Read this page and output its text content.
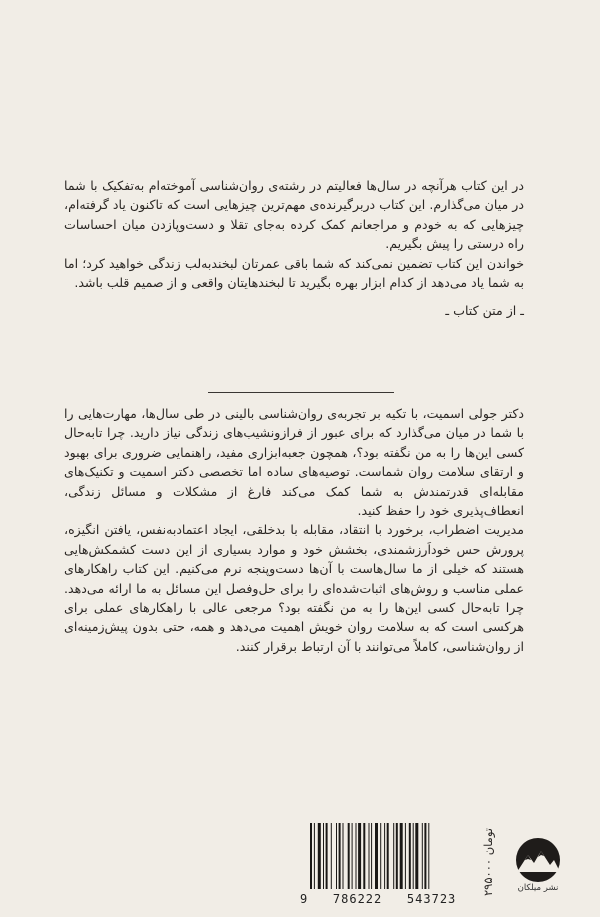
در این کتاب هرآنچه در سال‌ها فعالیتم در رشته‌ی روان‌شناسی آموخته‌ام به‌تفکیک با شما در میان می‌گذارم. این کتاب دربرگیرنده‌ی مهم‌ترین چیزهایی است که تاکنون یاد گرفته‌ام، چیزهایی که به خودم و مراجعانم کمک کرده به‌جای تقلا و دست‌وپازدن میان احساسات راه درستی را پیش بگیریم.

خواندن این کتاب تضمین نمی‌کند که شما باقی عمرتان لبخندبه‌لب زندگی خواهید کرد؛ اما به شما یاد می‌دهد از کدام ابزار بهره بگیرید تا لبخندهایتان واقعی و از صمیم قلب باشد.

ـ از متن کتاب ـ

دکتر جولی اسمیت، با تکیه بر تجربه‌ی روان‌شناسی بالینی در طی سال‌ها، مهارت‌هایی را با شما در میان می‌گذارد که برای عبور از فرازونشیب‌های زندگی نیاز دارید. چرا تابه‌حال کسی این‌ها را به من نگفته بود؟، همچون جعبه‌ابزاری مفید، راهنمایی ضروری برای بهبود و ارتقای سلامت روان شماست. توصیه‌های ساده اما تخصصی دکتر اسمیت و تکنیک‌های مقابله‌ای قدرتمندش به شما کمک می‌کند فارغ از مشکلات و مسائل زندگی، انعطاف‌پذیری خود را حفظ کنید.

مدیریت اضطراب، برخورد با انتقاد، مقابله با بدخلقی، ایجاد اعتمادبه‌نفس، یافتن انگیزه، پرورش حس خوداَرزشمندی، بخشش خود و موارد بسیاری از این دست کشمکش‌هایی هستند که خیلی از ما سال‌هاست با آن‌ها دست‌وپنجه نرم می‌کنیم. این کتاب راهکارهای عملی مناسب و روش‌های اثبات‌شده‌ای را برای حل‌وفصل این مسائل به ما ارائه می‌دهد. چرا تابه‌حال کسی این‌ها را به من نگفته بود؟ مرجعی عالی با راهکارهای عملی برای هرکسی است که به سلامت روان خویش اهمیت می‌دهد و همه، حتی بدون پیش‌زمینه‌ای از روان‌شناسی، کاملاً می‌توانند با آن ارتباط برقرار کنند.

9   786222   543723
۲۹۵۰۰۰ تومان
نشر میلکان
